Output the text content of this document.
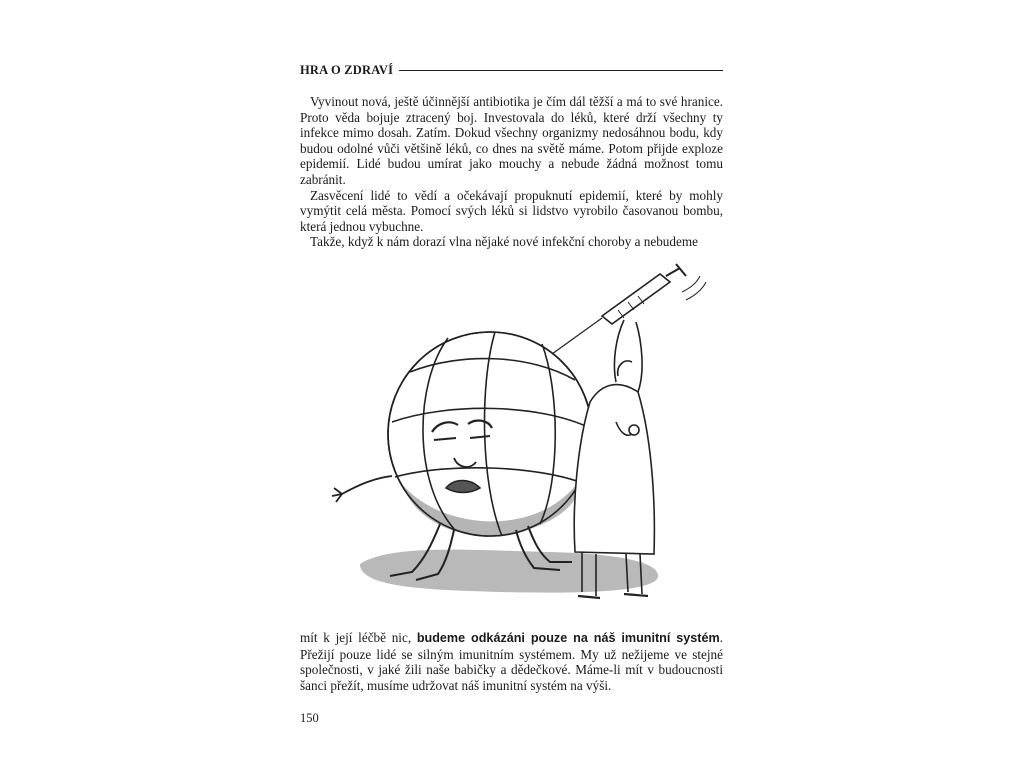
HRA O ZDRAVÍ

Vyvinout nová, ještě účinnější antibiotika je čím dál těžší a má to své hranice. Proto věda bojuje ztracený boj. Investovala do léků, které drží všechny ty infekce mimo dosah. Zatím. Dokud všechny organizmy nedosáhnou bodu, kdy budou odolné vůči většině léků, co dnes na světě máme. Potom přijde exploze epidemií. Lidé budou umírat jako mouchy a nebude žádná možnost tomu zabránit.

Zasvěcení lidé to vědí a očekávají propuknutí epidemií, které by mohly vymýtit celá města. Pomocí svých léků si lidstvo vyrobilo časovanou bombu, která jednou vybuchne.

Takže, když k nám dorazí vlna nějaké nové infekční choroby a nebudeme

mít k její léčbě nic, budeme odkázáni pouze na náš imunitní systém. Přežijí pouze lidé se silným imunitním systémem. My už nežijeme ve stejné společnosti, v jaké žili naše babičky a dědečkové. Máme-li mít v budoucnosti šanci přežít, musíme udržovat náš imunitní systém na výši.

150
